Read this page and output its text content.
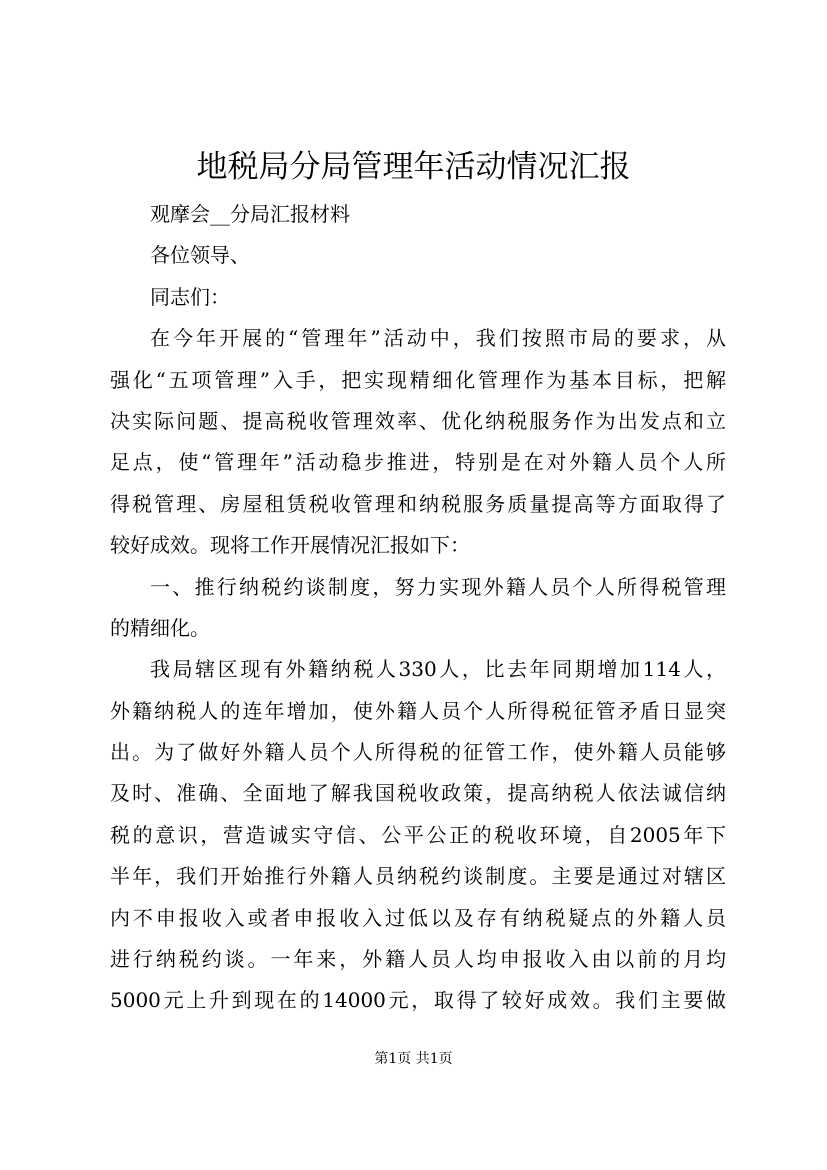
地税局分局管理年活动情况汇报
观摩会__分局汇报材料
各位领导、
同志们：
在今年开展的“管理年”活动中，我们按照市局的要求，从
强化“五项管理”入手，把实现精细化管理作为基本目标，把解
决实际问题、提高税收管理效率、优化纳税服务作为出发点和立
足点，使“管理年”活动稳步推进，特别是在对外籍人员个人所
得税管理、房屋租赁税收管理和纳税服务质量提高等方面取得了
较好成效。现将工作开展情况汇报如下：
一、推行纳税约谈制度，努力实现外籍人员个人所得税管理
的精细化。
我局辖区现有外籍纳税人330人，比去年同期增加114人，
外籍纳税人的连年增加，使外籍人员个人所得税征管矛盾日显突
出。为了做好外籍人员个人所得税的征管工作，使外籍人员能够
及时、准确、全面地了解我国税收政策，提高纳税人依法诚信纳
税的意识，营造诚实守信、公平公正的税收环境，自2005年下
半年，我们开始推行外籍人员纳税约谈制度。主要是通过对辖区
内不申报收入或者申报收入过低以及存有纳税疑点的外籍人员
进行纳税约谈。一年来，外籍人员人均申报收入由以前的月均
5000元上升到现在的14000元，取得了较好成效。我们主要做
第1页 共1页
